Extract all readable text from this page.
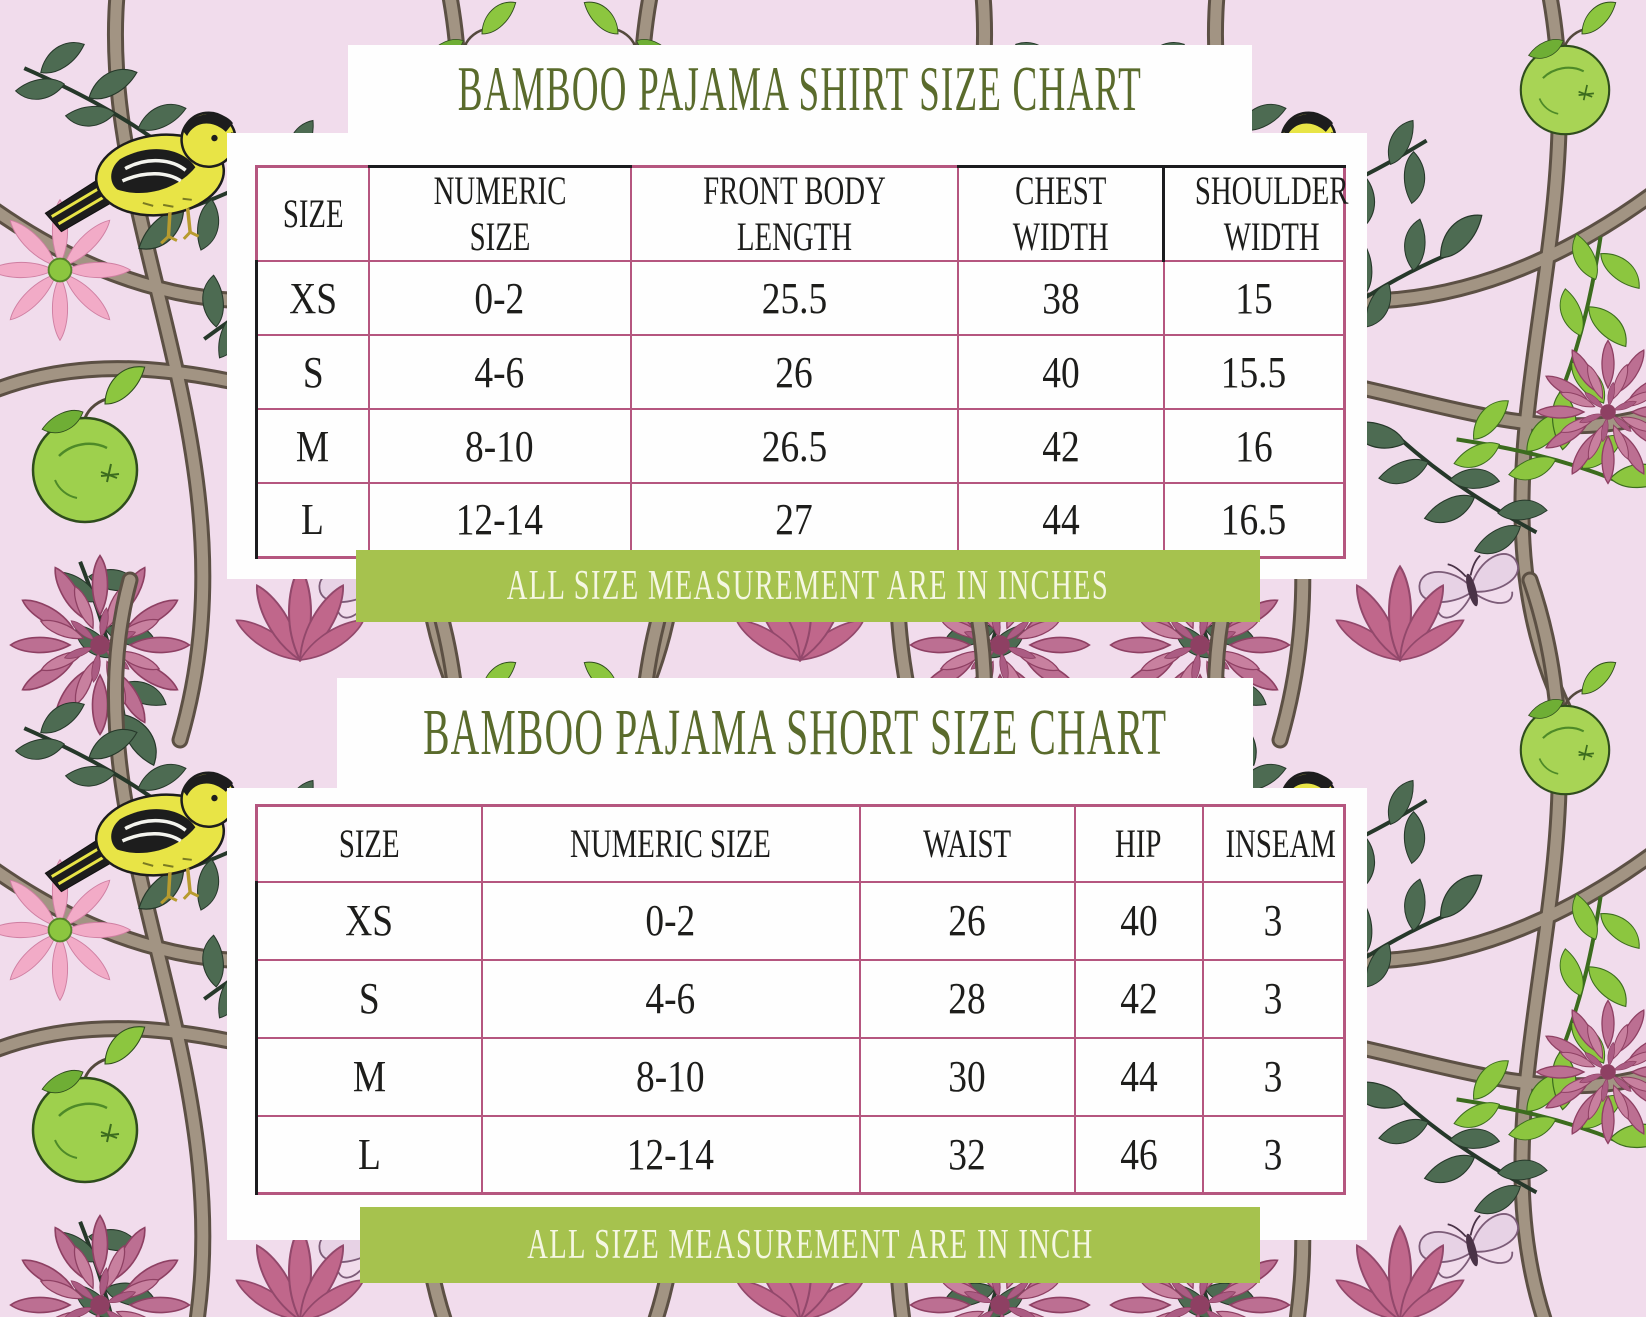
BAMBOO PAJAMA SHIRT SIZE CHART
SIZE	NUMERIC SIZE	FRONT BODY LENGTH	CHEST WIDTH	SHOULDER WIDTH
XS	0-2	25.5	38	15
S	4-6	26	40	15.5
M	8-10	26.5	42	16
L	12-14	27	44	16.5
ALL SIZE MEASUREMENT ARE IN INCHES
BAMBOO PAJAMA SHORT SIZE CHART
SIZE	NUMERIC SIZE	WAIST	HIP	INSEAM
XS	0-2	26	40	3
S	4-6	28	42	3
M	8-10	30	44	3
L	12-14	32	46	3
ALL SIZE MEASUREMENT ARE IN INCH
